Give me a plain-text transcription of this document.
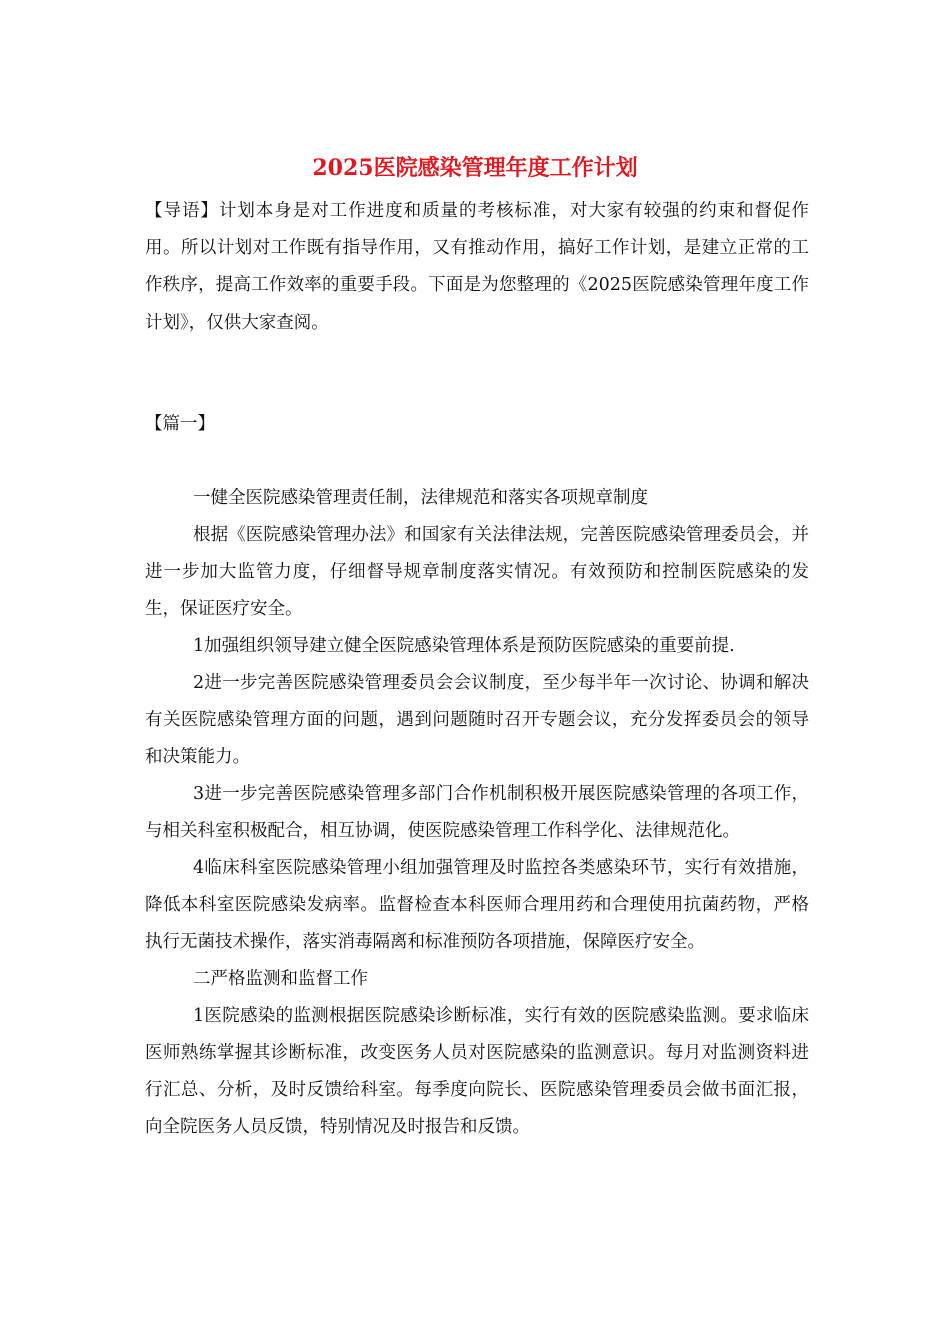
2025医院感染管理年度工作计划

【导语】计划本身是对工作进度和质量的考核标准，对大家有较强的约束和督促作用。所以计划对工作既有指导作用，又有推动作用，搞好工作计划，是建立正常的工作秩序，提高工作效率的重要手段。下面是为您整理的《2025医院感染管理年度工作计划》，仅供大家查阅。

【篇一】

一健全医院感染管理责任制，法律规范和落实各项规章制度

根据《医院感染管理办法》和国家有关法律法规，完善医院感染管理委员会，并进一步加大监管力度，仔细督导规章制度落实情况。有效预防和控制医院感染的发生，保证医疗安全。

1加强组织领导建立健全医院感染管理体系是预防医院感染的重要前提.

2进一步完善医院感染管理委员会会议制度，至少每半年一次讨论、协调和解决有关医院感染管理方面的问题，遇到问题随时召开专题会议，充分发挥委员会的领导和决策能力。

3进一步完善医院感染管理多部门合作机制积极开展医院感染管理的各项工作，与相关科室积极配合，相互协调，使医院感染管理工作科学化、法律规范化。

4临床科室医院感染管理小组加强管理及时监控各类感染环节，实行有效措施，降低本科室医院感染发病率。监督检查本科医师合理用药和合理使用抗菌药物，严格执行无菌技术操作，落实消毒隔离和标准预防各项措施，保障医疗安全。

二严格监测和监督工作

1医院感染的监测根据医院感染诊断标准，实行有效的医院感染监测。要求临床医师熟练掌握其诊断标准，改变医务人员对医院感染的监测意识。每月对监测资料进行汇总、分析，及时反馈给科室。每季度向院长、医院感染管理委员会做书面汇报，向全院医务人员反馈，特别情况及时报告和反馈。
